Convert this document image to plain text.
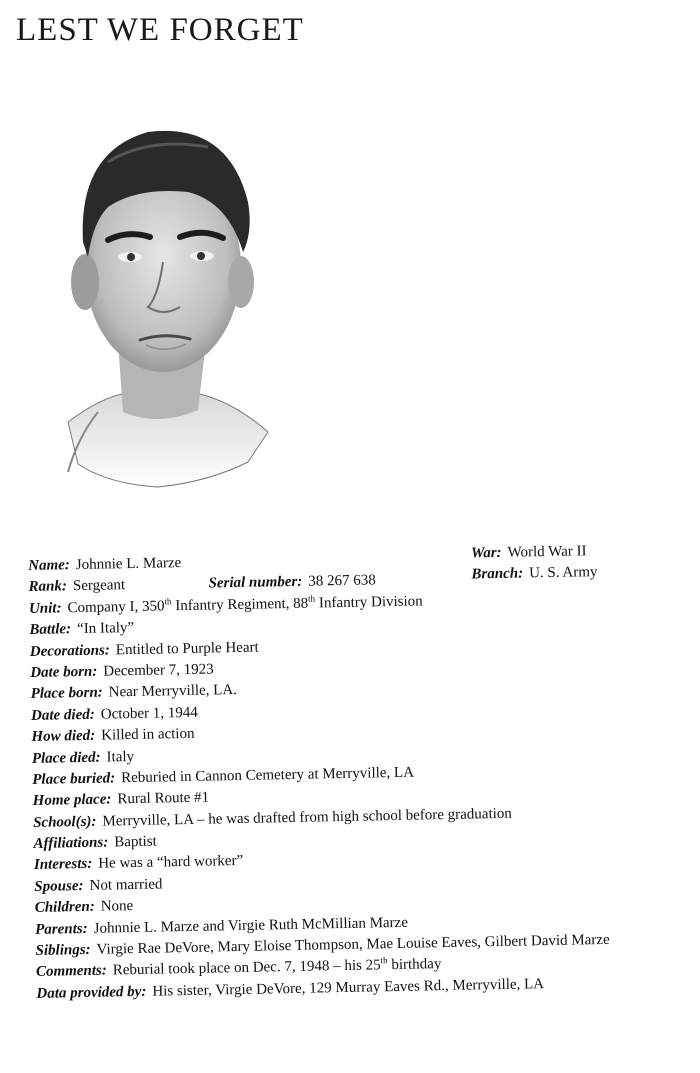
LEST WE FORGET
Name: Johnnie L. Marze
War: World War II
Rank: Sergeant	Serial number: 38 267 638	Branch: U. S. Army
Unit: Company I, 350th Infantry Regiment, 88th Infantry Division
Battle: “In Italy”
Decorations: Entitled to Purple Heart
Date born: December 7, 1923
Place born: Near Merryville, LA.
Date died: October 1, 1944
How died: Killed in action
Place died: Italy
Place buried: Reburied in Cannon Cemetery at Merryville, LA
Home place: Rural Route #1
School(s): Merryville, LA – he was drafted from high school before graduation
Affiliations: Baptist
Interests: He was a “hard worker”
Spouse: Not married
Children: None
Parents: Johnnie L. Marze and Virgie Ruth McMillian Marze
Siblings: Virgie Rae DeVore, Mary Eloise Thompson, Mae Louise Eaves, Gilbert David Marze
Comments: Reburial took place on Dec. 7, 1948 – his 25th birthday
Data provided by: His sister, Virgie DeVore, 129 Murray Eaves Rd., Merryville, LA
